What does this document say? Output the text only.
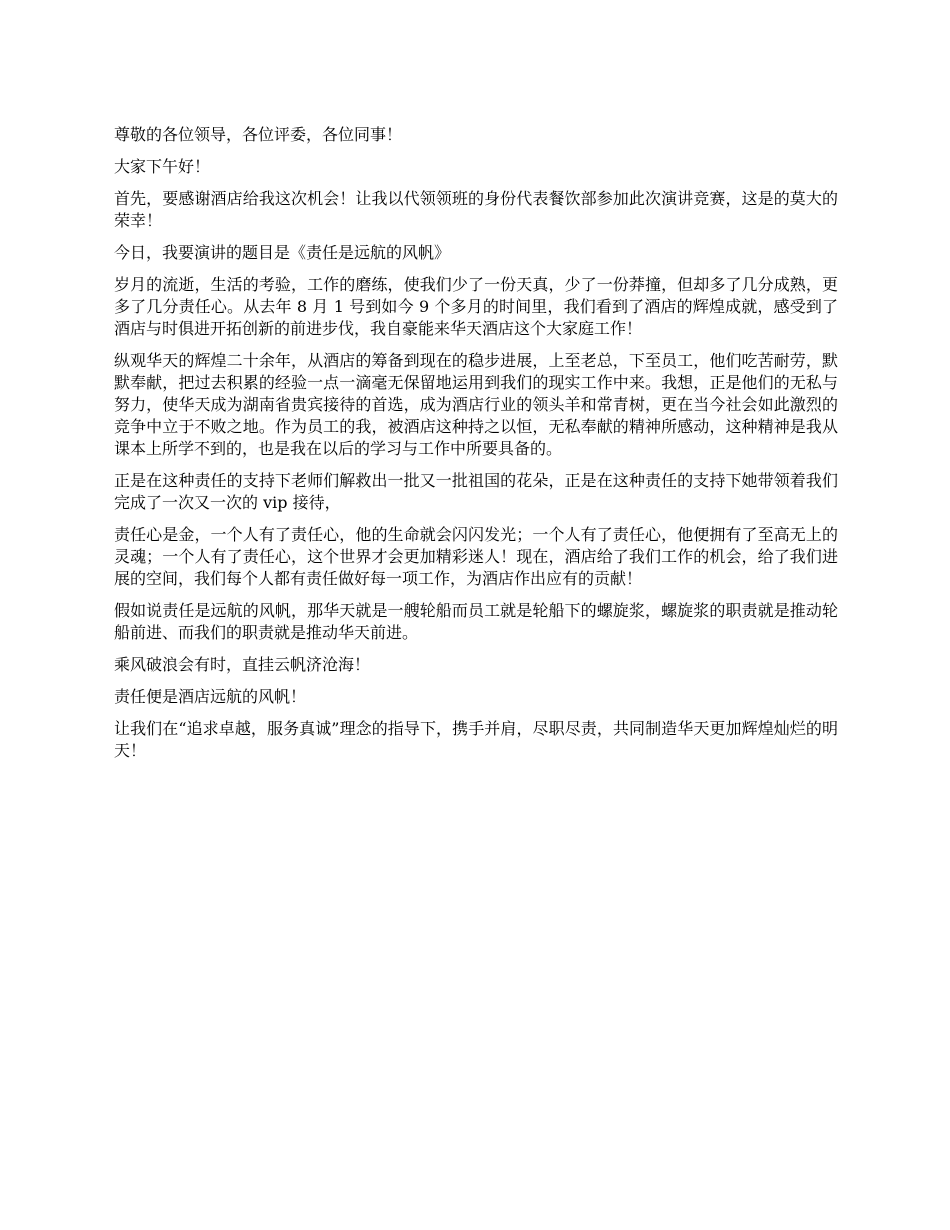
尊敬的各位领导，各位评委，各位同事！

大家下午好！

首先，要感谢酒店给我这次机会！让我以代领领班的身份代表餐饮部参加此次演讲竞赛，这是的莫大的荣幸！

今日，我要演讲的题目是《责任是远航的风帆》

岁月的流逝，生活的考验，工作的磨练，使我们少了一份天真，少了一份莽撞，但却多了几分成熟，更多了几分责任心。从去年 8 月 1 号到如今 9 个多月的时间里，我们看到了酒店的辉煌成就，感受到了酒店与时俱进开拓创新的前进步伐，我自豪能来华天酒店这个大家庭工作！

纵观华天的辉煌二十余年，从酒店的筹备到现在的稳步进展，上至老总，下至员工，他们吃苦耐劳，默默奉献，把过去积累的经验一点一滴毫无保留地运用到我们的现实工作中来。我想，正是他们的无私与努力，使华天成为湖南省贵宾接待的首选，成为酒店行业的领头羊和常青树，更在当今社会如此激烈的竞争中立于不败之地。作为员工的我，被酒店这种持之以恒，无私奉献的精神所感动，这种精神是我从课本上所学不到的，也是我在以后的学习与工作中所要具备的。

正是在这种责任的支持下老师们解救出一批又一批祖国的花朵，正是在这种责任的支持下她带领着我们完成了一次又一次的 vip 接待，

责任心是金，一个人有了责任心，他的生命就会闪闪发光；一个人有了责任心，他便拥有了至高无上的灵魂；一个人有了责任心，这个世界才会更加精彩迷人！现在，酒店给了我们工作的机会，给了我们进展的空间，我们每个人都有责任做好每一项工作，为酒店作出应有的贡献！

假如说责任是远航的风帆，那华天就是一艘轮船而员工就是轮船下的螺旋浆，螺旋浆的职责就是推动轮船前进、而我们的职责就是推动华天前进。

乘风破浪会有时，直挂云帆济沧海！

责任便是酒店远航的风帆！

让我们在“追求卓越，服务真诚”理念的指导下，携手并肩，尽职尽责，共同制造华天更加辉煌灿烂的明天！
